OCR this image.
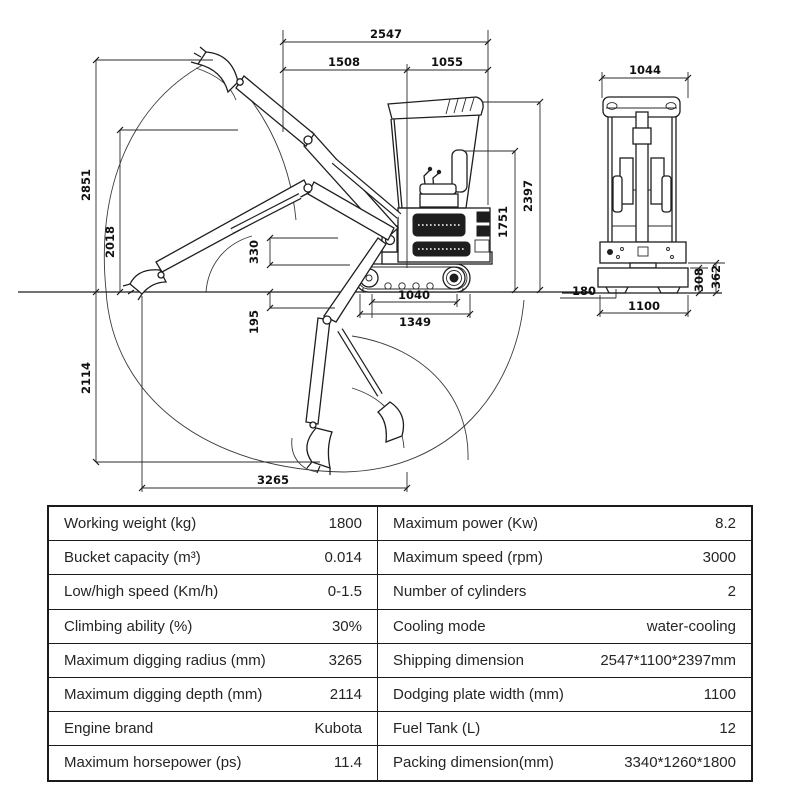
2547
1508	1055
2851
2018
2114
330
195
1040
1349
1751
2397
3265
1044
180
1100
308 362
Working weight (kg)	1800	Maximum power (Kw)	8.2
Bucket capacity (m³)	0.014	Maximum speed (rpm)	3000
Low/high speed (Km/h)	0-1.5	Number of cylinders	2
Climbing ability (%)	30%	Cooling mode	water-cooling
Maximum digging radius (mm)	3265	Shipping dimension	2547*1100*2397mm
Maximum digging depth (mm)	2114	Dodging plate width (mm)	1100
Engine brand	Kubota	Fuel Tank (L)	12
Maximum horsepower (ps)	11.4	Packing dimension(mm)	3340*1260*1800
